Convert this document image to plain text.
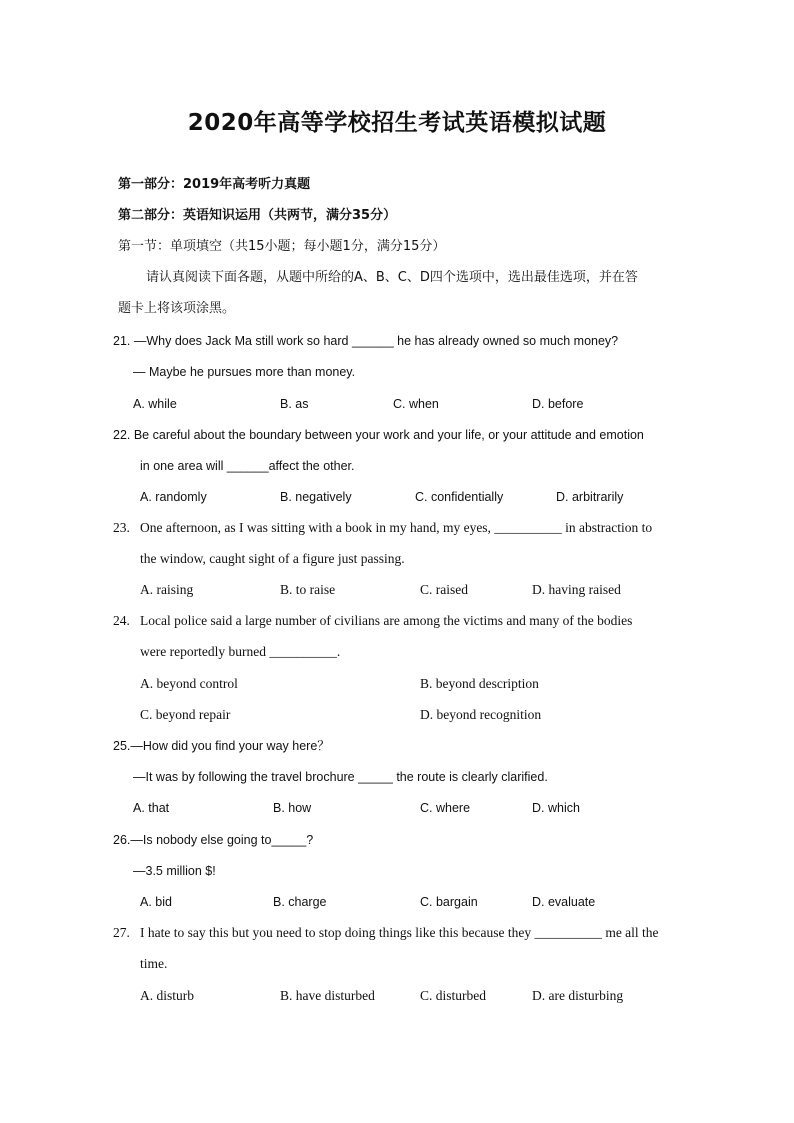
2020年高等学校招生考试英语模拟试题
第一部分：2019年高考听力真题
第二部分：英语知识运用（共两节，满分35分）
第一节：单项填空（共15小题；每小题1分，满分15分）
请认真阅读下面各题，从题中所给的A、B、C、D四个选项中，选出最佳选项，并在答
题卡上将该项涂黑。
21. —Why does Jack Ma still work so hard ______ he has already owned so much money?
— Maybe he pursues more than money.
A. while	B. as	C. when	D. before
22. Be careful about the boundary between your work and your life, or your attitude and emotion
in one area will ______affect the other.
A. randomly	B. negatively	C. confidentially	D. arbitrarily
23. One afternoon, as I was sitting with a book in my hand, my eyes, __________ in abstraction to
the window, caught sight of a figure just passing.
A. raising	B. to raise	C. raised	D. having raised
24. Local police said a large number of civilians are among the victims and many of the bodies
were reportedly burned __________.
A. beyond control	B. beyond description
C. beyond repair	D. beyond recognition
25.—How did you find your way here？
—It was by following the travel brochure _____ the route is clearly clarified.
A. that	B. how	C. where	D. which
26.—Is nobody else going to_____?
—3.5 million $!
A. bid	B. charge	C. bargain	D. evaluate
27. I hate to say this but you need to stop doing things like this because they __________ me all the
time.
A. disturb	B. have disturbed	C. disturbed	D. are disturbing
